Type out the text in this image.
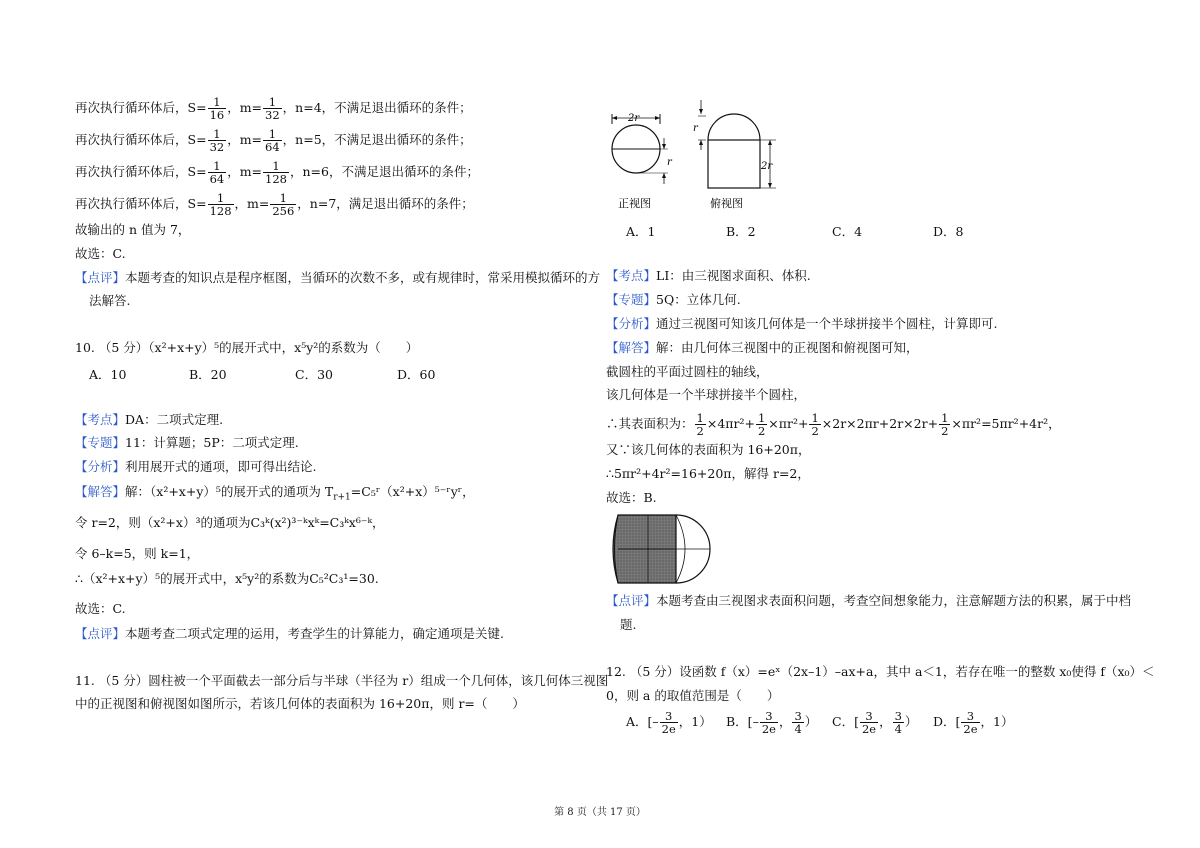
再次执行循环体后，$S= \frac{1}{16}$ ，$m= \frac{1}{32}$ ，n=4，不满足退出循环的条件；
再次执行循环体后，$S= \frac{1}{32}$ ，$m= \frac{1}{64}$ ，n=5，不满足退出循环的条件；
再次执行循环体后，$S= \frac{1}{64}$ ，$m= \frac{1}{128}$ ，n=6，不满足退出循环的条件；
再次执行循环体后，$S= \frac{1}{128}$ ，$m= \frac{1}{256}$ ，n=7，满足退出循环的条件；
故输出的 n 值为 7，
故选：C.
【点评】本题考查的知识点是程序框图，当循环的次数不多，或有规律时，常采用模拟循环的方
法解答.
10. （5 分）（x²+x+y）⁵的展开式中，x⁵y²的系数为（　　）
A．10	B．20	C．30	D．60
【考点】DA：二项式定理.
【专题】11：计算题；5P：二项式定理.
【分析】利用展开式的通项，即可得出结论.
【解答】解：（x²+x+y）⁵的展开式的通项为 $T_{r+1}=C_5ʳ(x^2+x)^{5-}ʳyʳ$，
令 r=2，则（x²+x）³的通项为C₃ᵏ(x²)³⁻ᵏxᵏ=C₃ᵏx⁶⁻ᵏ，
令 6–k=5，则 k=1，
∴（x²+x+y）⁵的展开式中，x⁵y²的系数为C₅²C₃¹=30.
故选：C.
【点评】本题考查二项式定理的运用，考查学生的计算能力，确定通项是关键.
11. （5 分）圆柱被一个平面截去一部分后与半球（半径为 r）组成一个几何体，该几何体三视图
中的正视图和俯视图如图所示，若该几何体的表面积为 16+20π，则 r=（　　）
2r
r
正视图
r
2r
俯视图
A．1	B．2	C．4	D．8
【考点】LI：由三视图求面积、体积.
【专题】5Q：立体几何.
【分析】通过三视图可知该几何体是一个半球拼接半个圆柱，计算即可.
【解答】解：由几何体三视图中的正视图和俯视图可知，
截圆柱的平面过圆柱的轴线，
该几何体是一个半球拼接半个圆柱，
∴其表面积为： $\frac{1}{2} \times 4\pi r^2+ \frac{1}{2} \times\pi r^2+ \frac{1}{2} \times 2r\times 2\pi r+2r\times 2r+ \frac{1}{2} \times\pi r^2=5\pi r^2+4r^2$，
又∵该几何体的表面积为 16+20π，
∴5πr²+4r²=16+20π，解得 r=2，
故选：B.
【点评】本题考查由三视图求表面积问题，考查空间想象能力，注意解题方法的积累，属于中档
题.
12. （5 分）设函数 f（x）=eˣ（2x–1）–ax+a，其中 a＜1，若存在唯一的整数 x₀使得 f（x₀）＜
0，则 a 的取值范围是（　　）
A．[– $\frac{3}{2e}$ ，1） B．[– $\frac{3}{2e}$ ， $\frac{3}{4}$ ） C．[ $\frac{3}{2e}$ ， $\frac{3}{4}$ ） D．[ $\frac{3}{2e}$ ，1）
第 8 页（共 17 页）
